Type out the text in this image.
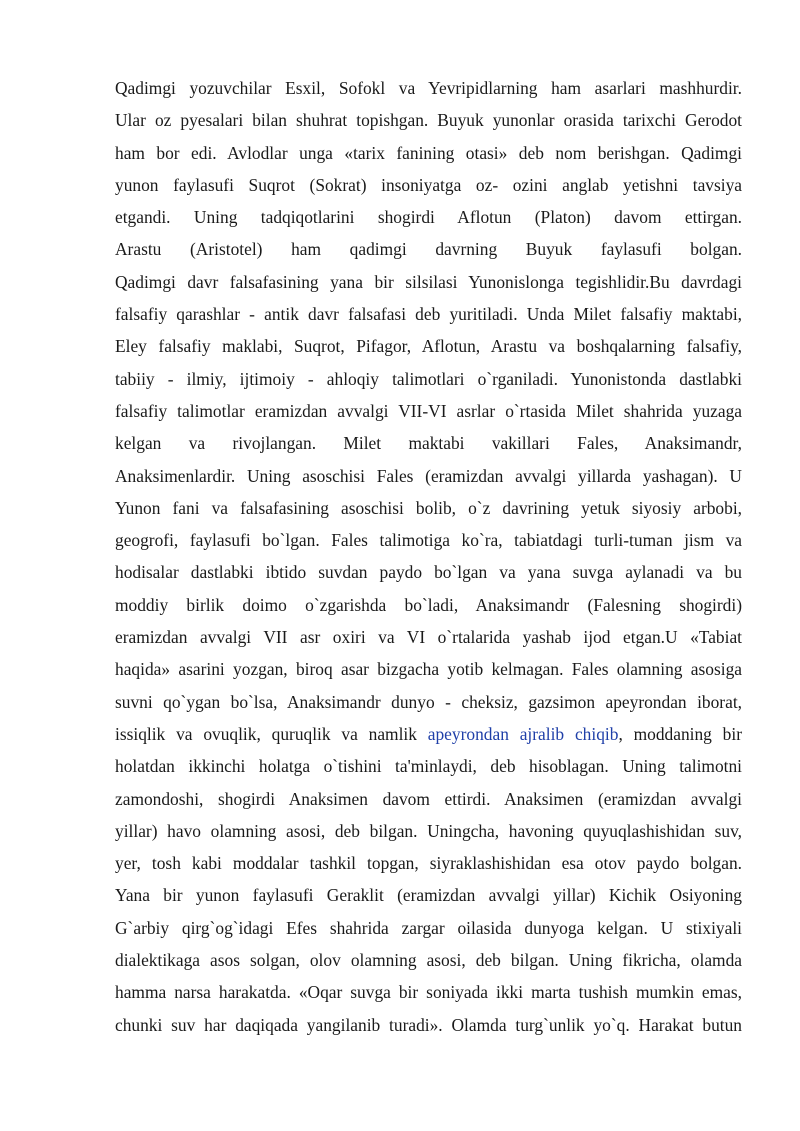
Qadimgi yozuvchilar Esxil, Sofokl va Yevripidlarning ham asarlari mashhurdir.
Ular oz pyesalari bilan shuhrat topishgan. Buyuk yunonlar orasida tarixchi Gerodot
ham bor edi. Avlodlar unga «tarix fanining otasi» deb nom berishgan. Qadimgi
yunon faylasufi Suqrot (Sokrat) insoniyatga oz- ozini anglab yetishni tavsiya
etgandi. Uning tadqiqotlarini shogirdi Aflotun (Platon) davom ettirgan.
Arastu (Aristotel) ham qadimgi davrning Buyuk faylasufi bolgan.
Qadimgi davr falsafasining yana bir silsilasi Yunonislonga tegishlidir.Bu davrdagi
falsafiy qarashlar - antik davr falsafasi deb yuritiladi. Unda Milet falsafiy maktabi,
Eley falsafiy maklabi, Suqrot, Pifagor, Aflotun, Arastu va boshqalarning falsafiy,
tabiiy - ilmiy, ijtimoiy - ahloqiy talimotlari o`rganiladi. Yunonistonda dastlabki
falsafiy talimotlar eramizdan avvalgi VII-VI asrlar o`rtasida Milet shahrida yuzaga
kelgan va rivojlangan. Milet maktabi vakillari Fales, Anaksimandr,
Anaksimenlardir. Uning asoschisi Fales (eramizdan avvalgi yillarda yashagan). U
Yunon fani va falsafasining asoschisi bolib, o`z davrining yetuk siyosiy arbobi,
geogrofi, faylasufi bo`lgan. Fales talimotiga ko`ra, tabiatdagi turli-tuman jism va
hodisalar dastlabki ibtido suvdan paydo bo`lgan va yana suvga aylanadi va bu
moddiy birlik doimo o`zgarishda bo`ladi, Anaksimandr (Falesning shogirdi)
eramizdan avvalgi VII asr oxiri va VI o`rtalarida yashab ijod etgan.U «Tabiat
haqida» asarini yozgan, biroq asar bizgacha yotib kelmagan. Fales olamning asosiga
suvni qo`ygan bo`lsa, Anaksimandr dunyo - cheksiz, gazsimon apeyrondan iborat,
issiqlik va ovuqlik, quruqlik va namlik apeyrondan ajralib chiqib, moddaning bir
holatdan ikkinchi holatga o`tishini ta'minlaydi, deb hisoblagan. Uning talimotni
zamondoshi, shogirdi Anaksimen davom ettirdi. Anaksimen (eramizdan avvalgi
yillar) havo olamning asosi, deb bilgan. Uningcha, havoning quyuqlashishidan suv,
yer, tosh kabi moddalar tashkil topgan, siyraklashishidan esa otov paydo bolgan.
Yana bir yunon faylasufi Geraklit (eramizdan avvalgi yillar) Kichik Osiyoning
G`arbiy qirg`og`idagi Efes shahrida zargar oilasida dunyoga kelgan. U stixiyali
dialektikaga asos solgan, olov olamning asosi, deb bilgan. Uning fikricha, olamda
hamma narsa harakatda. «Oqar suvga bir soniyada ikki marta tushish mumkin emas,
chunki suv har daqiqada yangilanib turadi». Olamda turg`unlik yo`q. Harakat butun
